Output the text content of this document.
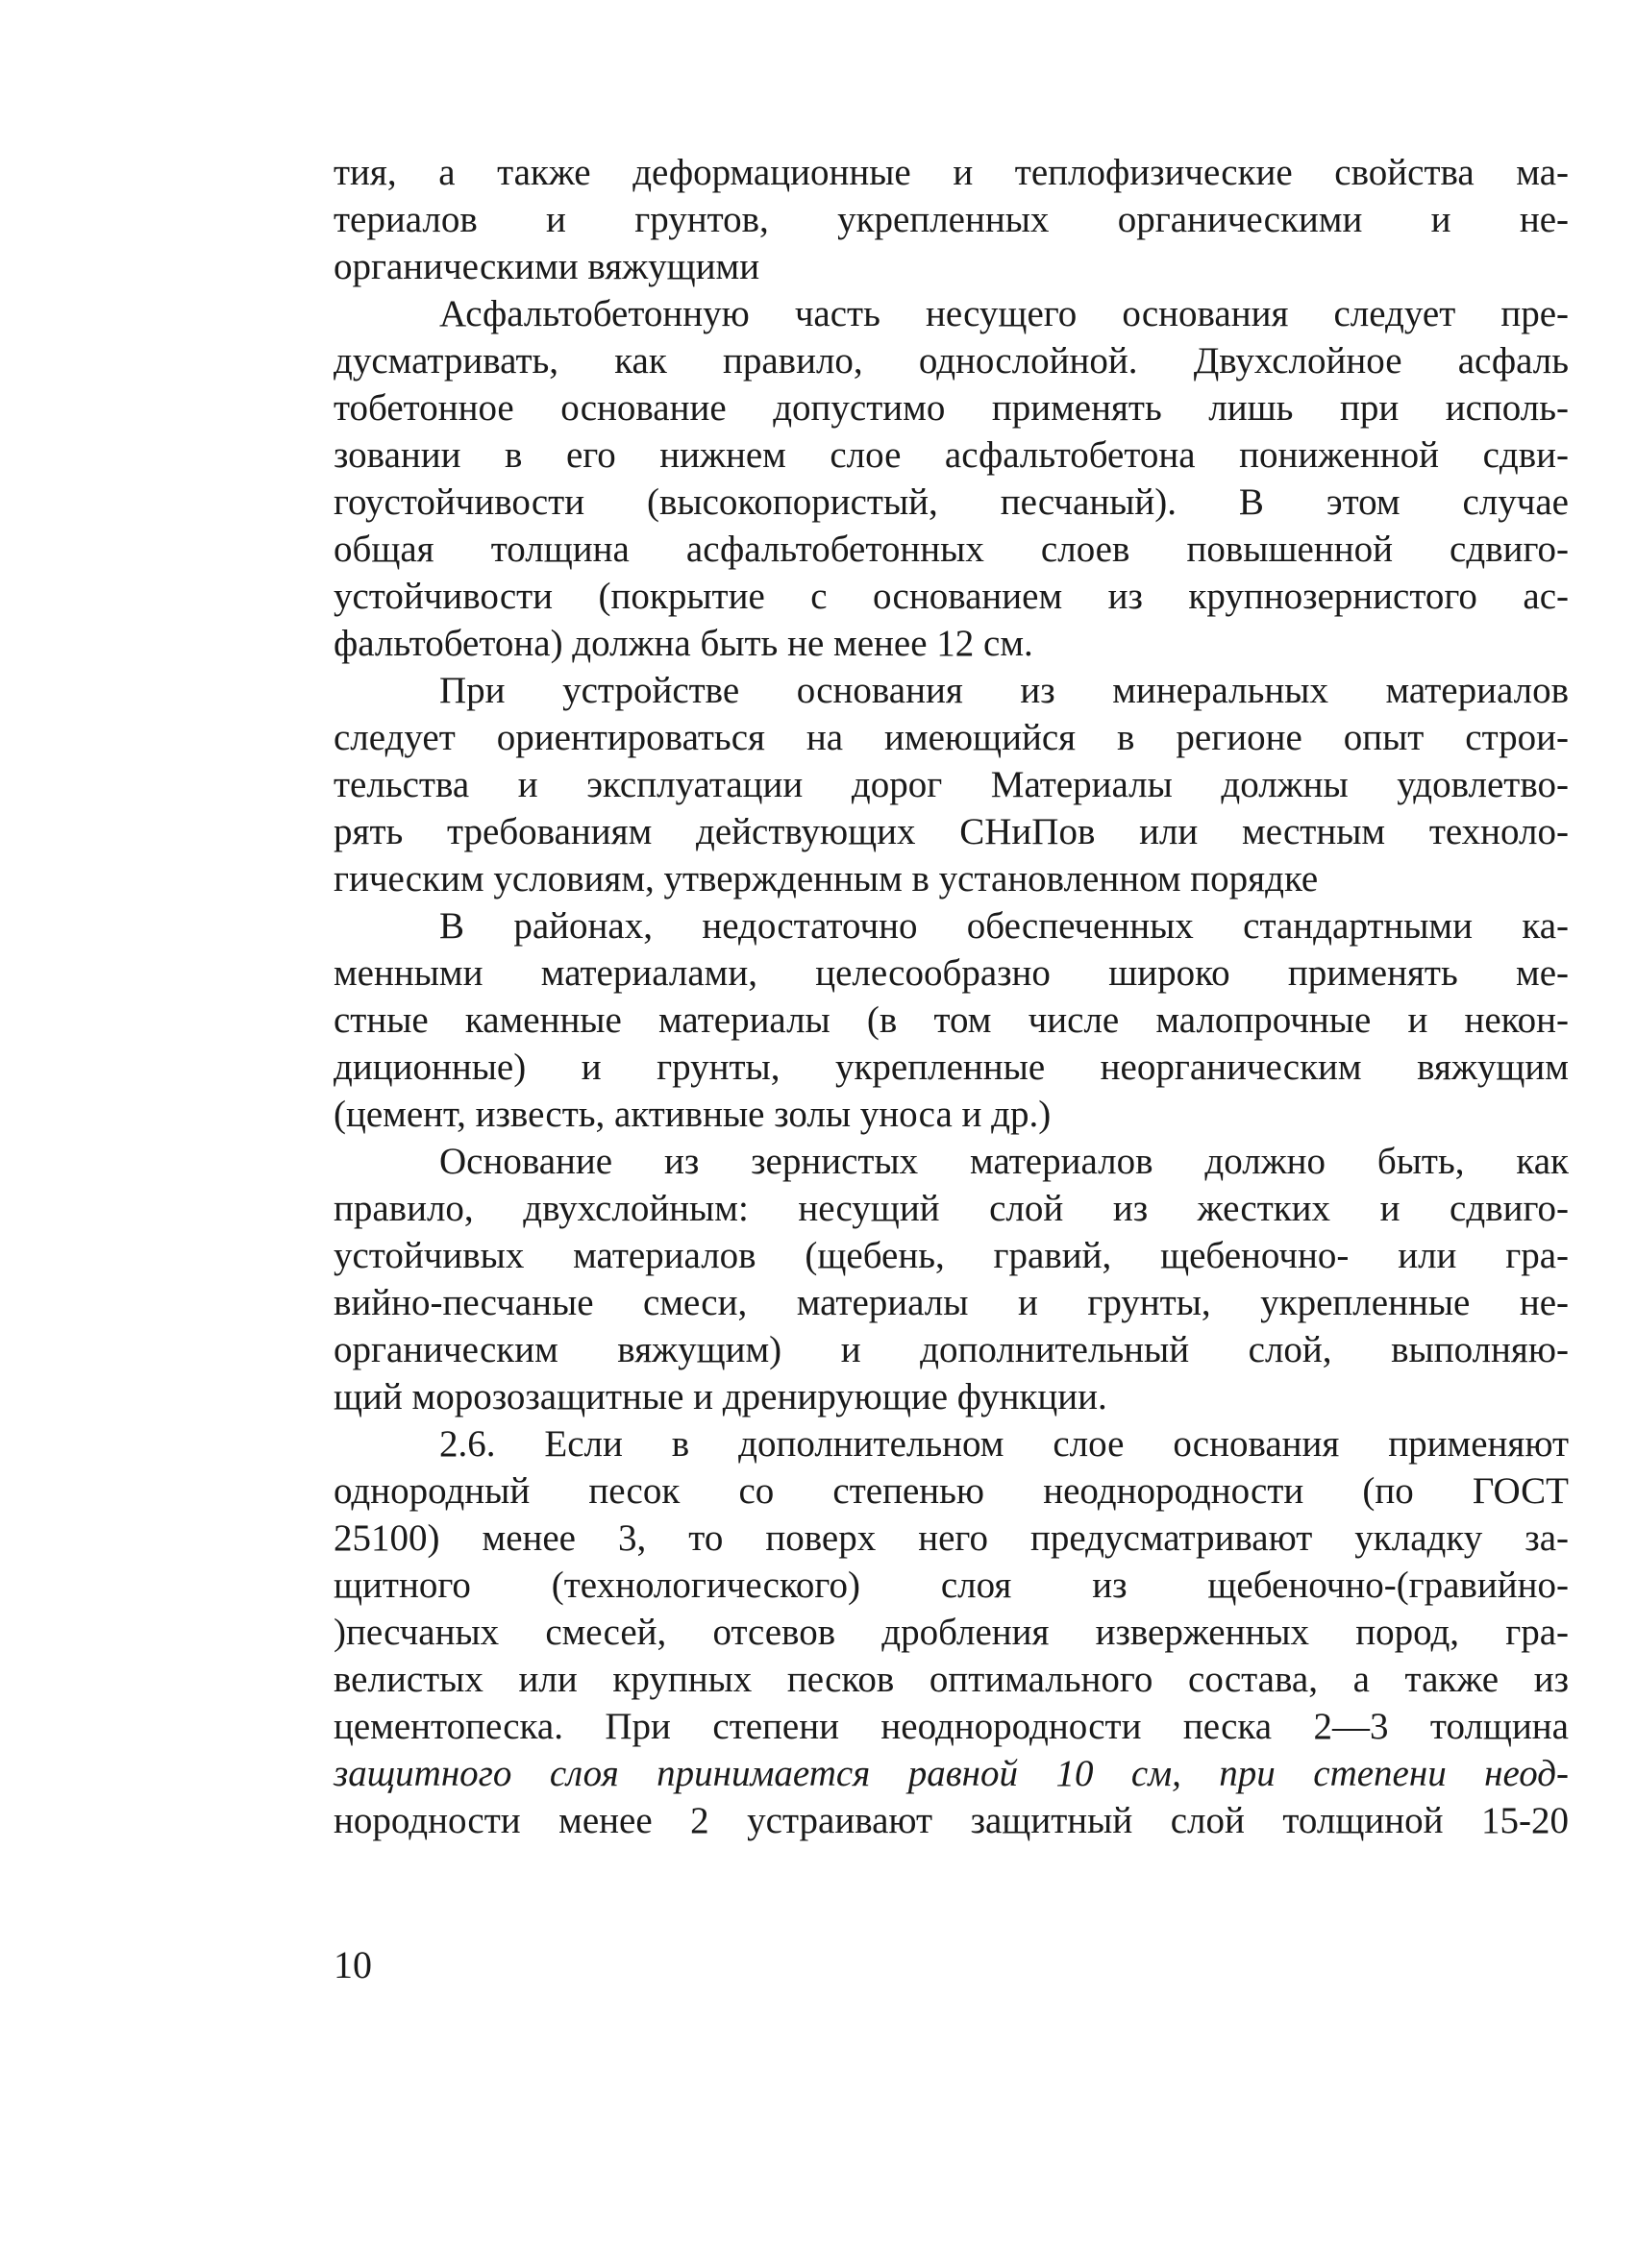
тия, а также деформационные и теплофизические свойства ма-
териалов и грунтов, укрепленных органическими и не-
органическими вяжущими
Асфальтобетонную часть несущего основания следует пре-
дусматривать, как правило, однослойной. Двухслойное асфаль
тобетонное основание допустимо применять лишь при исполь-
зовании в его нижнем слое асфальтобетона пониженной сдви-
гоустойчивости (высокопористый, песчаный). В этом случае
общая толщина асфальтобетонных слоев повышенной сдвиго-
устойчивости (покрытие с основанием из крупнозернистого ас-
фальтобетона) должна быть не менее 12 см.
При устройстве основания из минеральных материалов
следует ориентироваться на имеющийся в регионе опыт строи-
тельства и эксплуатации дорог Материалы должны удовлетво-
рять требованиям действующих СНиПов или местным техноло-
гическим условиям, утвержденным в установленном порядке
В районах, недостаточно обеспеченных стандартными ка-
менными материалами, целесообразно широко применять ме-
стные каменные материалы (в том числе малопрочные и некон-
диционные) и грунты, укрепленные неорганическим вяжущим
(цемент, известь, активные золы уноса и др.)
Основание из зернистых материалов должно быть, как
правило, двухслойным: несущий слой из жестких и сдвиго-
устойчивых материалов (щебень, гравий, щебеночно- или гра-
вийно-песчаные смеси, материалы и грунты, укрепленные не-
органическим вяжущим) и дополнительный слой, выполняю-
щий морозозащитные и дренирующие функции.
2.6. Если в дополнительном слое основания применяют
однородный песок со степенью неоднородности (по ГОСТ
25100) менее 3, то поверх него предусматривают укладку за-
щитного (технологического) слоя из щебеночно-(гравийно-
)песчаных смесей, отсевов дробления изверженных пород, гра-
велистых или крупных песков оптимального состава, а также из
цементопеска. При степени неоднородности песка 2—3 толщина
защитного слоя принимается равной 10 см, при степени неод-
нородности менее 2 устраивают защитный слой толщиной 15-20

10
